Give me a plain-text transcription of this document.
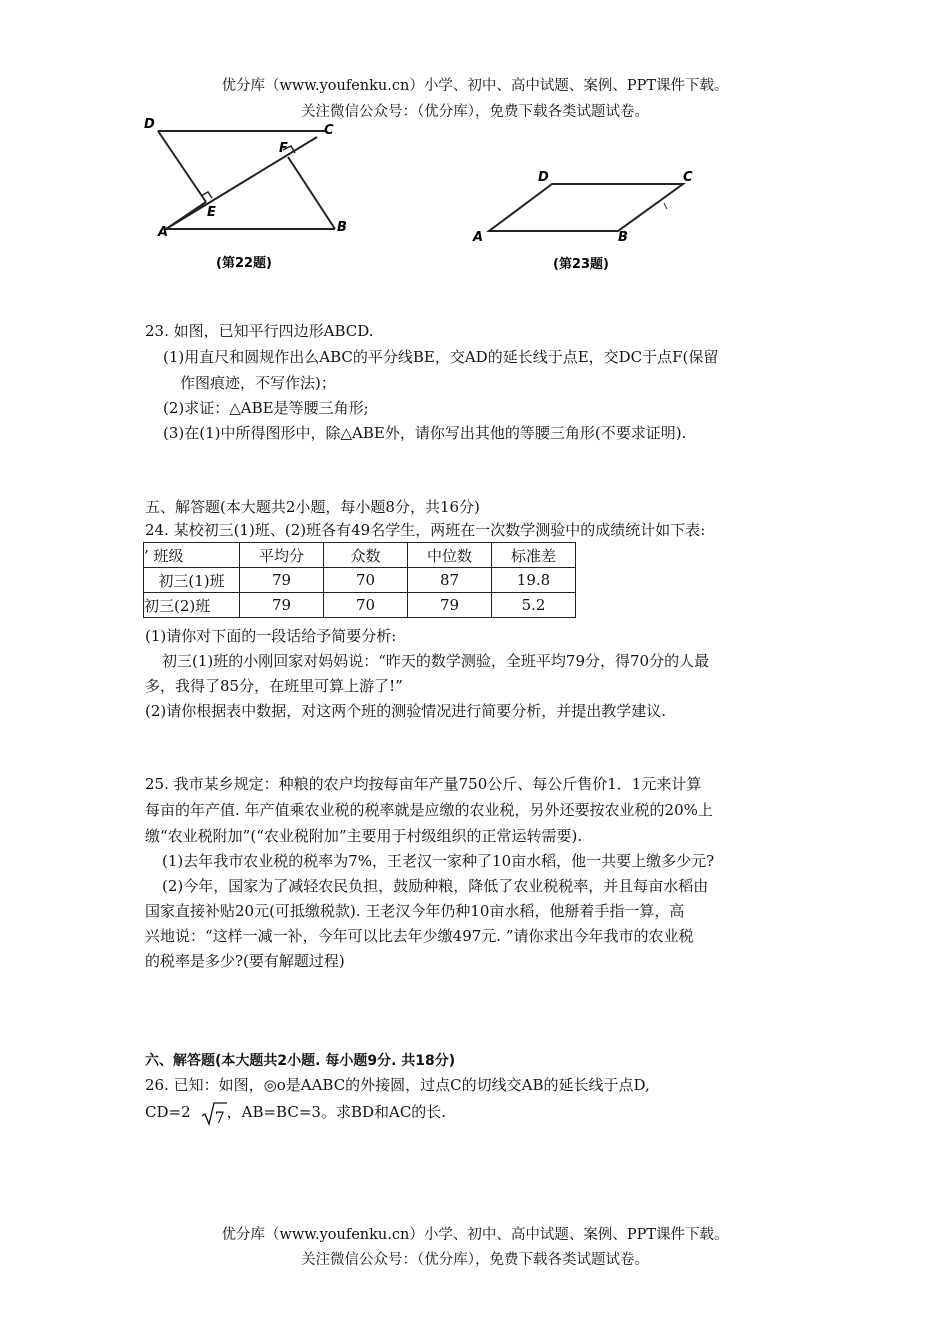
优分库（www.youfenku.cn）小学、初中、高中试题、案例、PPT课件下载。
关注微信公众号：（优分库），免费下载各类试题试卷。
D	C
F
E
A	B
(第22题)
D	C
A	B
(第23题)
23. 如图，已知平行四边形ABCD.
(1)用直尺和圆规作出么ABC的平分线BE，交AD的延长线于点E，交DC于点F(保留
作图痕迹，不写作法)；
(2)求证：△ABE是等腰三角形;
(3)在(1)中所得图形中，除△ABE外，请你写出其他的等腰三角形(不要求证明).
五、解答题(本大题共2小题，每小题8分，共16分)
24. 某校初三(1)班、(2)班各有49名学生，两班在一次数学测验中的成绩统计如下表:
’ 班级	平均分	众数	中位数	标准差
初三(1)班	79	70	87	19.8
初三(2)班	79	70	79	5.2
(1)请你对下面的一段话给予简要分析:
初三(1)班的小刚回家对妈妈说：“昨天的数学测验，全班平均79分，得70分的人最
多，我得了85分，在班里可算上游了!”
(2)请你根据表中数据，对这两个班的测验情况进行简要分析，并提出教学建议.
25. 我市某乡规定：种粮的农户均按每亩年产量750公斤、每公斤售价1．1元来计算
每亩的年产值. 年产值乘农业税的税率就是应缴的农业税，另外还要按农业税的20%上
缴“农业税附加”(“农业税附加”主要用于村级组织的正常运转需要).
(1)去年我市农业税的税率为7%，王老汉一家种了10亩水稻，他一共要上缴多少元?
(2)今年，国家为了减轻农民负担，鼓励种粮，降低了农业税税率，并且每亩水稻由
国家直接补贴20元(可抵缴税款). 王老汉今年仍种10亩水稻，他掰着手指一算，高
兴地说：“这样一减一补，今年可以比去年少缴497元. ”请你求出今年我市的农业税
的税率是多少?(要有解题过程)
六、解答题(本大题共2小题. 每小题9分. 共18分)
26. 已知：如图，◎o是AABC的外接圆，过点C的切线交AB的延长线于点D,
CD=2 7 ，AB=BC=3。求BD和AC的长.
优分库（www.youfenku.cn）小学、初中、高中试题、案例、PPT课件下载。
关注微信公众号：（优分库），免费下载各类试题试卷。
